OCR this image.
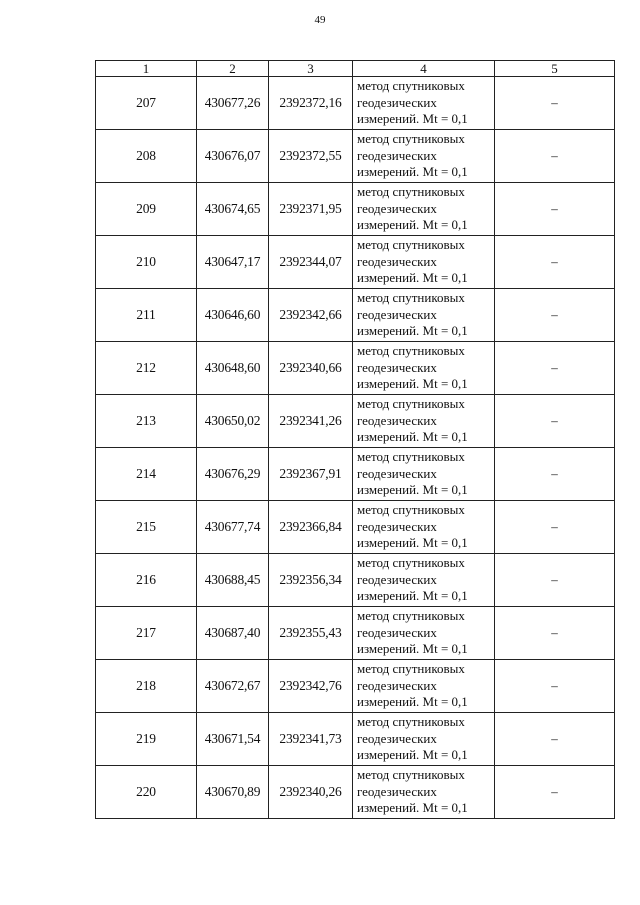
49
1	2	3	4	5
207	430677,26	2392372,16	метод спутниковых
геодезических
измерений. Mt = 0,1	–
208	430676,07	2392372,55	метод спутниковых
геодезических
измерений. Mt = 0,1	–
209	430674,65	2392371,95	метод спутниковых
геодезических
измерений. Mt = 0,1	–
210	430647,17	2392344,07	метод спутниковых
геодезических
измерений. Mt = 0,1	–
211	430646,60	2392342,66	метод спутниковых
геодезических
измерений. Mt = 0,1	–
212	430648,60	2392340,66	метод спутниковых
геодезических
измерений. Mt = 0,1	–
213	430650,02	2392341,26	метод спутниковых
геодезических
измерений. Mt = 0,1	–
214	430676,29	2392367,91	метод спутниковых
геодезических
измерений. Mt = 0,1	–
215	430677,74	2392366,84	метод спутниковых
геодезических
измерений. Mt = 0,1	–
216	430688,45	2392356,34	метод спутниковых
геодезических
измерений. Mt = 0,1	–
217	430687,40	2392355,43	метод спутниковых
геодезических
измерений. Mt = 0,1	–
218	430672,67	2392342,76	метод спутниковых
геодезических
измерений. Mt = 0,1	–
219	430671,54	2392341,73	метод спутниковых
геодезических
измерений. Mt = 0,1	–
220	430670,89	2392340,26	метод спутниковых
геодезических
измерений. Mt = 0,1	–
